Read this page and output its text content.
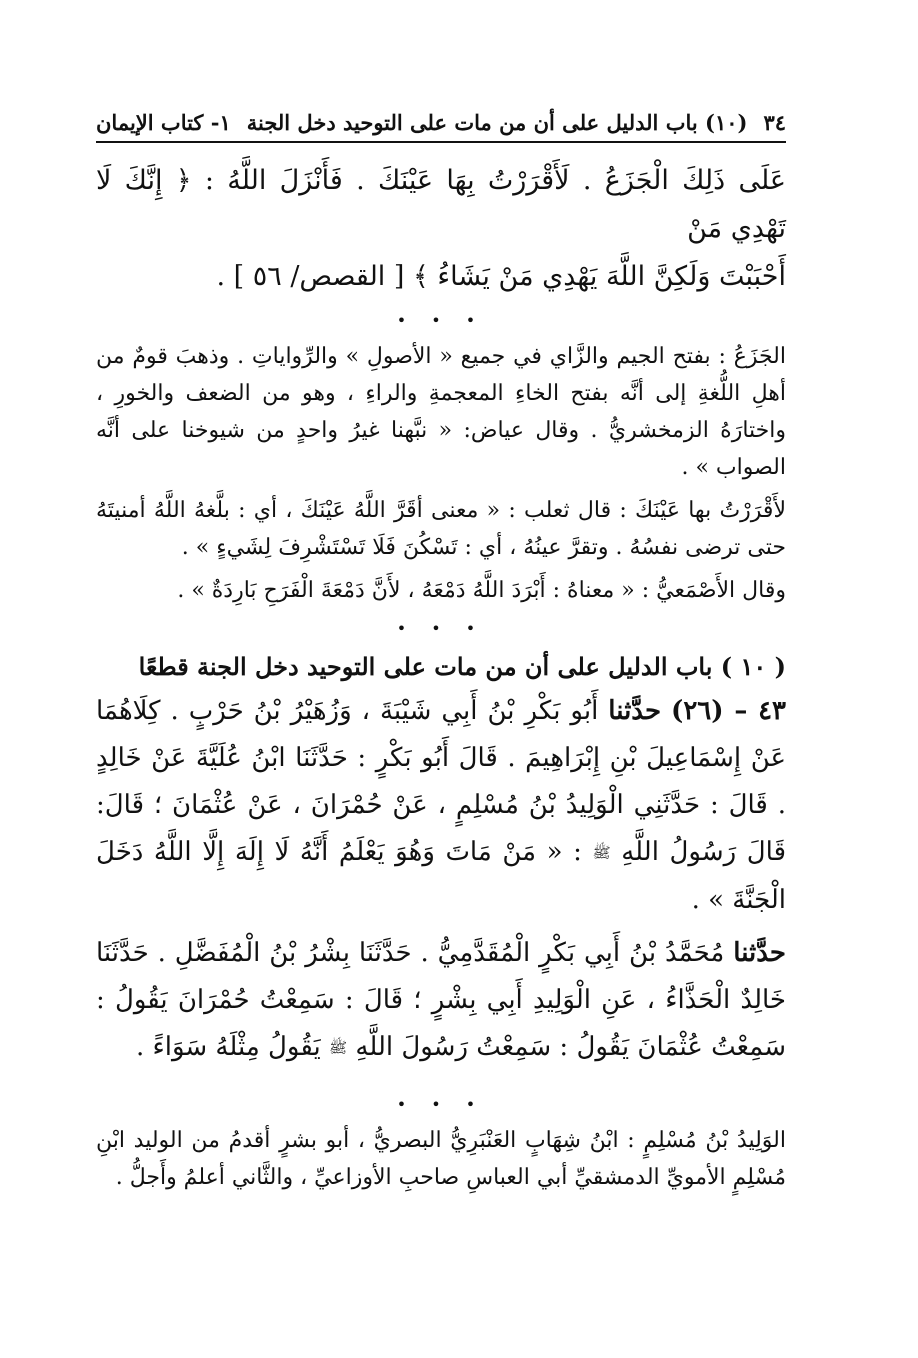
٣٤
(١٠) باب الدليل على أن من مات على التوحيد دخل الجنة
١- كتاب الإيمان
عَلَى ذَلِكَ الْجَزَعُ . لَأَقْرَرْتُ بِهَا عَيْنَكَ . فَأَنْزَلَ اللَّهُ : ﴿ إِنَّكَ لَا تَهْدِي مَنْ
أَحْبَبْتَ وَلَكِنَّ اللَّهَ يَهْدِي مَنْ يَشَاءُ ﴾ [ القصص/ ٥٦ ] .
• • •

الجَزَعُ : بفتح الجيم والزَّاي في جميع « الأصولِ » والرِّواياتِ . وذهبَ قومٌ من أهلِ اللُّغةِ إلى أنَّه بفتح الخاءِ المعجمةِ والراءِ ، وهو من الضعف والخورِ ، واختارَهُ الزمخشريُّ . وقال عياض: « نبَّهنا غيرُ واحدٍ من شيوخنا على أنَّه الصواب » .

لأَقْرَرْتُ بها عَيْنَكَ : قال ثعلب : « معنى أقَرَّ اللَّهُ عَيْنَكَ ، أي : بلَّغهُ اللَّهُ أمنيتَهُ حتى ترضى نفسُهُ . وتقرَّ عينُهُ ، أي : تَسْكُنَ فَلَا تَسْتَشْرِفَ لِشَيءٍ » .

وقال الأَصْمَعيُّ : « معناهُ : أَبْرَدَ اللَّهُ دَمْعَهُ ، لأَنَّ دَمْعَةَ الْفَرَحِ بَارِدَةٌ » .

• • •
( ١٠ ) باب الدليل على أن من مات على التوحيد دخل الجنة قطعًا

٤٣ – (٢٦) حدَّثنا أَبُو بَكْرِ بْنُ أَبِي شَيْبَةَ ، وَزُهَيْرُ بْنُ حَرْبٍ . كِلَاهُمَا عَنْ إِسْمَاعِيلَ بْنِ إِبْرَاهِيمَ . قَالَ أَبُو بَكْرٍ : حَدَّثَنَا ابْنُ عُلَيَّةَ عَنْ خَالِدٍ . قَالَ : حَدَّثَنِي الْوَلِيدُ بْنُ مُسْلِمٍ ، عَنْ حُمْرَانَ ، عَنْ عُثْمَانَ ؛ قَالَ: قَالَ رَسُولُ اللَّهِ ﷺ : « مَنْ مَاتَ وَهُوَ يَعْلَمُ أَنَّهُ لَا إِلَهَ إِلَّا اللَّهُ دَخَلَ الْجَنَّةَ » .

حدَّثنا مُحَمَّدُ بْنُ أَبِي بَكْرٍ الْمُقَدَّمِيُّ . حَدَّثَنَا بِشْرُ بْنُ الْمُفَضَّلِ . حَدَّثَنَا خَالِدٌ الْحَذَّاءُ ، عَنِ الْوَلِيدِ أَبِي بِشْرٍ ؛ قَالَ : سَمِعْتُ حُمْرَانَ يَقُولُ : سَمِعْتُ عُثْمَانَ يَقُولُ : سَمِعْتُ رَسُولَ اللَّهِ ﷺ يَقُولُ مِثْلَهُ سَوَاءً .

• • •

الوَلِيدُ بْنُ مُسْلِمٍ : ابْنُ شِهَابٍ العَنْبَرِيُّ البصريُّ ، أبو بشرٍ أقدمُ من الوليد ابْنِ مُسْلِمٍ الأمويِّ الدمشقيِّ أبي العباسِ صاحبِ الأوزاعيِّ ، والثَّاني أعلمُ وأَجلُّ .
